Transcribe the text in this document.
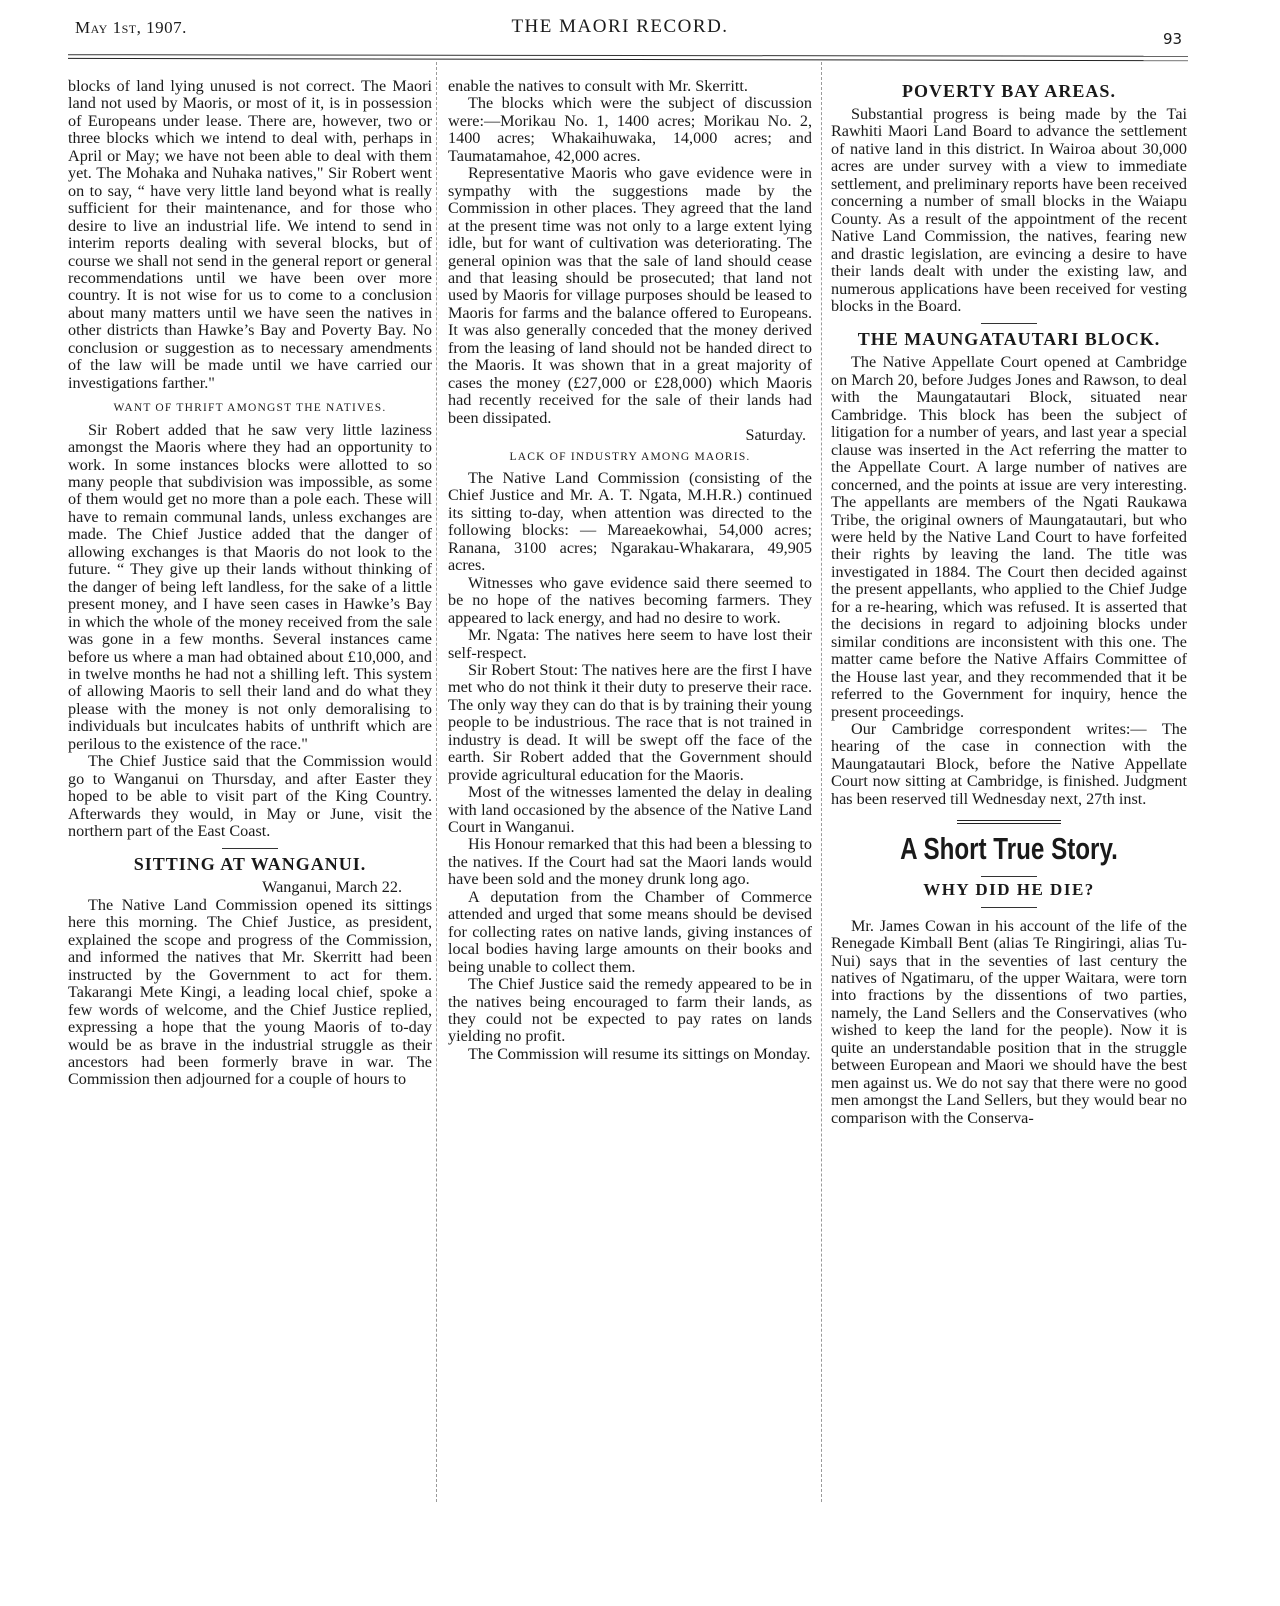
May 1st, 1907.	THE MAORI RECORD.
93

blocks of land lying unused is not correct. The Maori land not used by Maoris, or most of it, is in possession of Europeans under lease. There are, however, two or three blocks which we intend to deal with, perhaps in April or May; we have not been able to deal with them yet. The Mohaka and Nuhaka natives," Sir Robert went on to say, “ have very little land beyond what is really sufficient for their maintenance, and for those who desire to live an industrial life. We intend to send in interim reports dealing with several blocks, but of course we shall not send in the general report or general recommendations until we have been over more country. It is not wise for us to come to a conclusion about many matters until we have seen the natives in other districts than Hawke’s Bay and Poverty Bay. No conclusion or suggestion as to necessary amendments of the law will be made until we have carried our investigations farther."

WANT OF THRIFT AMONGST THE NATIVES.

Sir Robert added that he saw very little laziness amongst the Maoris where they had an opportunity to work. In some instances blocks were allotted to so many people that subdivision was impossible, as some of them would get no more than a pole each. These will have to remain communal lands, unless exchanges are made. The Chief Justice added that the danger of allowing exchanges is that Maoris do not look to the future. “ They give up their lands without thinking of the danger of being left landless, for the sake of a little present money, and I have seen cases in Hawke’s Bay in which the whole of the money received from the sale was gone in a few months. Several instances came before us where a man had obtained about £10,000, and in twelve months he had not a shilling left. This system of allowing Maoris to sell their land and do what they please with the money is not only demoralising to individuals but inculcates habits of unthrift which are perilous to the existence of the race."

The Chief Justice said that the Commission would go to Wanganui on Thursday, and after Easter they hoped to be able to visit part of the King Country. Afterwards they would, in May or June, visit the northern part of the East Coast.

SITTING AT WANGANUI.

Wanganui, March 22.

The Native Land Commission opened its sittings here this morning. The Chief Justice, as president, explained the scope and progress of the Commission, and informed the natives that Mr. Skerritt had been instructed by the Government to act for them. Takarangi Mete Kingi, a leading local chief, spoke a few words of welcome, and the Chief Justice replied, expressing a hope that the young Maoris of to-day would be as brave in the industrial struggle as their ancestors had been formerly brave in war. The Commission then adjourned for a couple of hours to

enable the natives to consult with Mr. Skerritt.

The blocks which were the subject of discussion were:—Morikau No. 1, 1400 acres; Morikau No. 2, 1400 acres; Whakaihuwaka, 14,000 acres; and Taumatamahoe, 42,000 acres.

Representative Maoris who gave evidence were in sympathy with the suggestions made by the Commission in other places. They agreed that the land at the present time was not only to a large extent lying idle, but for want of cultivation was deteriorating. The general opinion was that the sale of land should cease and that leasing should be prosecuted; that land not used by Maoris for village purposes should be leased to Maoris for farms and the balance offered to Europeans. It was also generally conceded that the money derived from the leasing of land should not be handed direct to the Maoris. It was shown that in a great majority of cases the money (£27,000 or £28,000) which Maoris had recently received for the sale of their lands had been dissipated.

Saturday.

LACK OF INDUSTRY AMONG MAORIS.

The Native Land Commission (consisting of the Chief Justice and Mr. A. T. Ngata, M.H.R.) continued its sitting to-day, when attention was directed to the following blocks: — Mareaekowhai, 54,000 acres; Ranana, 3100 acres; Ngarakau-Whakarara, 49,905 acres.

Witnesses who gave evidence said there seemed to be no hope of the natives becoming farmers. They appeared to lack energy, and had no desire to work.

Mr. Ngata: The natives here seem to have lost their self-respect.

Sir Robert Stout: The natives here are the first I have met who do not think it their duty to preserve their race. The only way they can do that is by training their young people to be industrious. The race that is not trained in industry is dead. It will be swept off the face of the earth. Sir Robert added that the Government should provide agricultural education for the Maoris.

Most of the witnesses lamented the delay in dealing with land occasioned by the absence of the Native Land Court in Wanganui.

His Honour remarked that this had been a blessing to the natives. If the Court had sat the Maori lands would have been sold and the money drunk long ago.

A deputation from the Chamber of Commerce attended and urged that some means should be devised for collecting rates on native lands, giving instances of local bodies having large amounts on their books and being unable to collect them.

The Chief Justice said the remedy appeared to be in the natives being encouraged to farm their lands, as they could not be expected to pay rates on lands yielding no profit.

The Commission will resume its sittings on Monday.

POVERTY BAY AREAS.

Substantial progress is being made by the Tai Rawhiti Maori Land Board to advance the settlement of native land in this district. In Wairoa about 30,000 acres are under survey with a view to immediate settlement, and preliminary reports have been received concerning a number of small blocks in the Waiapu County. As a result of the appointment of the recent Native Land Commission, the natives, fearing new and drastic legislation, are evincing a desire to have their lands dealt with under the existing law, and numerous applications have been received for vesting blocks in the Board.

THE MAUNGATAUTARI BLOCK.

The Native Appellate Court opened at Cambridge on March 20, before Judges Jones and Rawson, to deal with the Maungatautari Block, situated near Cambridge. This block has been the subject of litigation for a number of years, and last year a special clause was inserted in the Act referring the matter to the Appellate Court. A large number of natives are concerned, and the points at issue are very interesting. The appellants are members of the Ngati Raukawa Tribe, the original owners of Maungatautari, but who were held by the Native Land Court to have forfeited their rights by leaving the land. The title was investigated in 1884. The Court then decided against the present appellants, who applied to the Chief Judge for a re-hearing, which was refused. It is asserted that the decisions in regard to adjoining blocks under similar conditions are inconsistent with this one. The matter came before the Native Affairs Committee of the House last year, and they recommended that it be referred to the Government for inquiry, hence the present proceedings.

Our Cambridge correspondent writes:— The hearing of the case in connection with the Maungatautari Block, before the Native Appellate Court now sitting at Cambridge, is finished. Judgment has been reserved till Wednesday next, 27th inst.

A Short True Story.
WHY DID HE DIE?

Mr. James Cowan in his account of the life of the Renegade Kimball Bent (alias Te Ringiringi, alias Tu-Nui) says that in the seventies of last century the natives of Ngatimaru, of the upper Waitara, were torn into fractions by the dissentions of two parties, namely, the Land Sellers and the Conservatives (who wished to keep the land for the people). Now it is quite an understandable position that in the struggle between European and Maori we should have the best men against us. We do not say that there were no good men amongst the Land Sellers, but they would bear no comparison with the Conserva-
